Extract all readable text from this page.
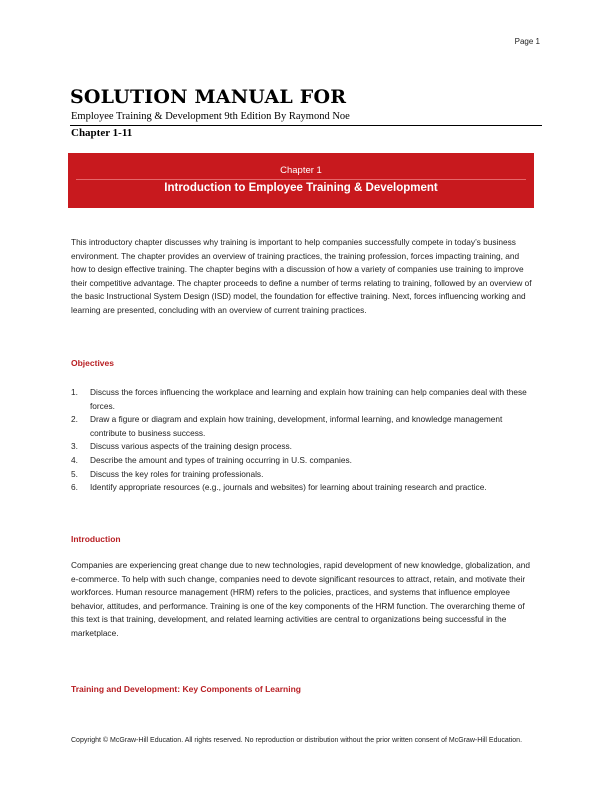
Page 1
SOLUTION MANUAL FOR
Employee Training & Development 9th Edition By Raymond Noe
Chapter 1-11
Chapter 1
Introduction to Employee Training & Development
This introductory chapter discusses why training is important to help companies successfully compete in today’s business environment. The chapter provides an overview of training practices, the training profession, forces impacting training, and how to design effective training. The chapter begins with a discussion of how a variety of companies use training to improve their competitive advantage. The chapter proceeds to define a number of terms relating to training, followed by an overview of the basic Instructional System Design (ISD) model, the foundation for effective training. Next, forces influencing working and learning are presented, concluding with an overview of current training practices.
Objectives
1. Discuss the forces influencing the workplace and learning and explain how training can help companies deal with these forces.
2. Draw a figure or diagram and explain how training, development, informal learning, and knowledge management contribute to business success.
3. Discuss various aspects of the training design process.
4. Describe the amount and types of training occurring in U.S. companies.
5. Discuss the key roles for training professionals.
6. Identify appropriate resources (e.g., journals and websites) for learning about training research and practice.
Introduction
Companies are experiencing great change due to new technologies, rapid development of new knowledge, globalization, and e-commerce. To help with such change, companies need to devote significant resources to attract, retain, and motivate their workforces. Human resource management (HRM) refers to the policies, practices, and systems that influence employee behavior, attitudes, and performance. Training is one of the key components of the HRM function. The overarching theme of this text is that training, development, and related learning activities are central to organizations being successful in the marketplace.
Training and Development: Key Components of Learning
Copyright © McGraw-Hill Education. All rights reserved. No reproduction or distribution without the prior written consent of McGraw-Hill Education.
